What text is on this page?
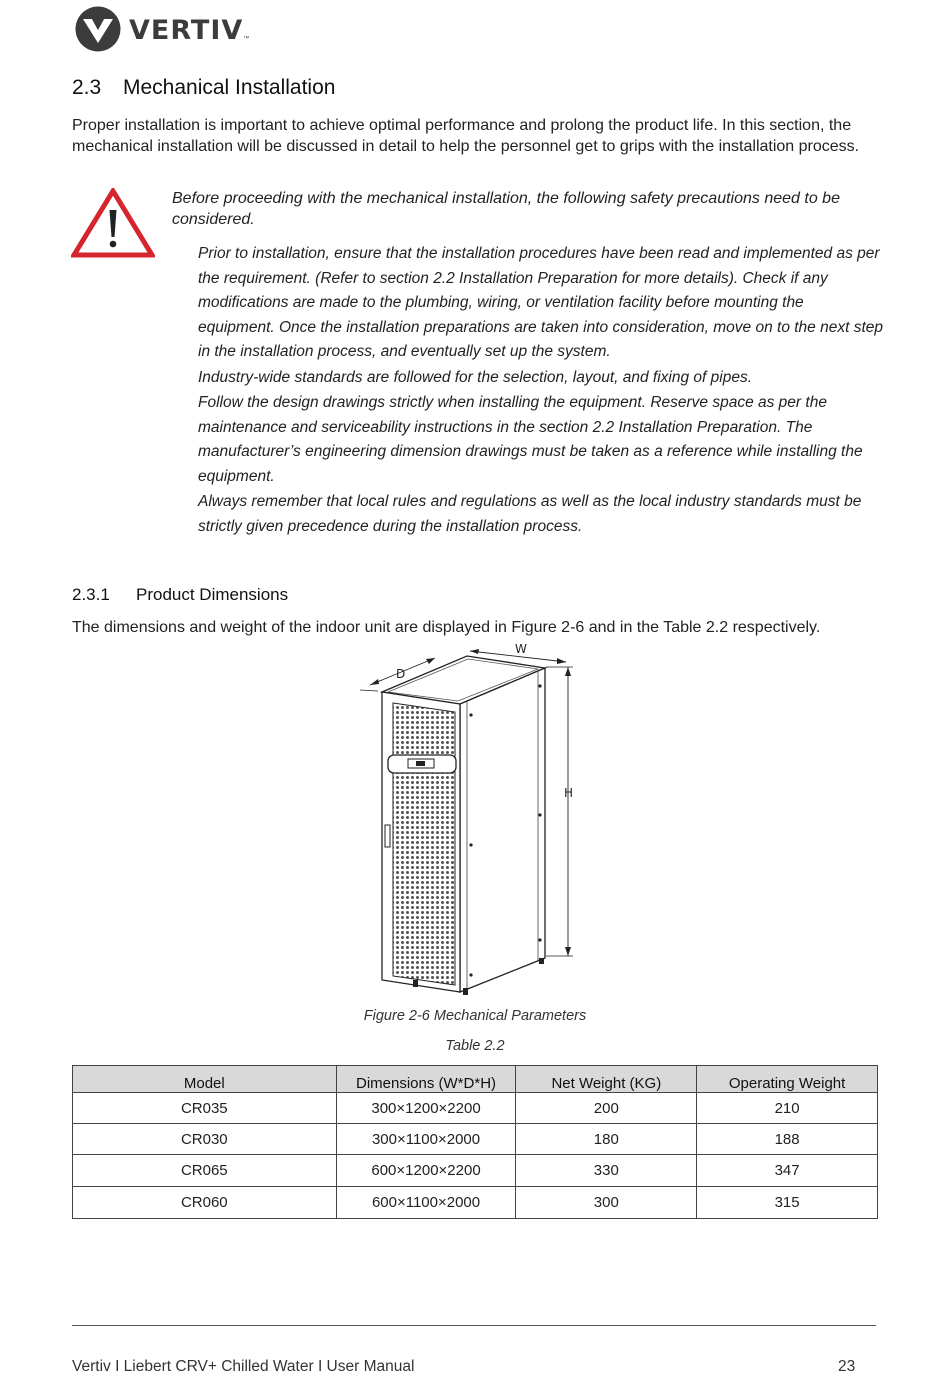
VERTIV ™
2.3	Mechanical Installation

Proper installation is important to achieve optimal performance and prolong the product life. In this section, the mechanical installation will be discussed in detail to help the personnel get to grips with the installation process.

Before proceeding with the mechanical installation, the following safety precautions need to be considered.

Prior to installation, ensure that the installation procedures have been read and implemented as per the requirement. (Refer to section 2.2 Installation Preparation for more details). Check if any modifications are made to the plumbing, wiring, or ventilation facility before mounting the equipment. Once the installation preparations are taken into consideration, move on to the next step in the installation process, and eventually set up the system.
Industry-wide standards are followed for the selection, layout, and fixing of pipes.
Follow the design drawings strictly when installing the equipment. Reserve space as per the maintenance and serviceability instructions in the section 2.2 Installation Preparation. The manufacturer’s engineering dimension drawings must be taken as a reference while installing the equipment.
Always remember that local rules and regulations as well as the local industry standards must be strictly given precedence during the installation process.
2.3.1	Product Dimensions

The dimensions and weight of the indoor unit are displayed in Figure 2-6 and in the Table 2.2 respectively.

D
W
H
Figure 2-6 Mechanical Parameters
Table 2.2
Model	Dimensions (W*D*H)	Net Weight (KG)	Operating Weight
CR035	300×1200×2200	200	210
CR030	300×1100×2000	180	188
CR065	600×1200×2200	330	347
CR060	600×1100×2000	300	315
Vertiv I Liebert CRV+ Chilled Water I User Manual	23
